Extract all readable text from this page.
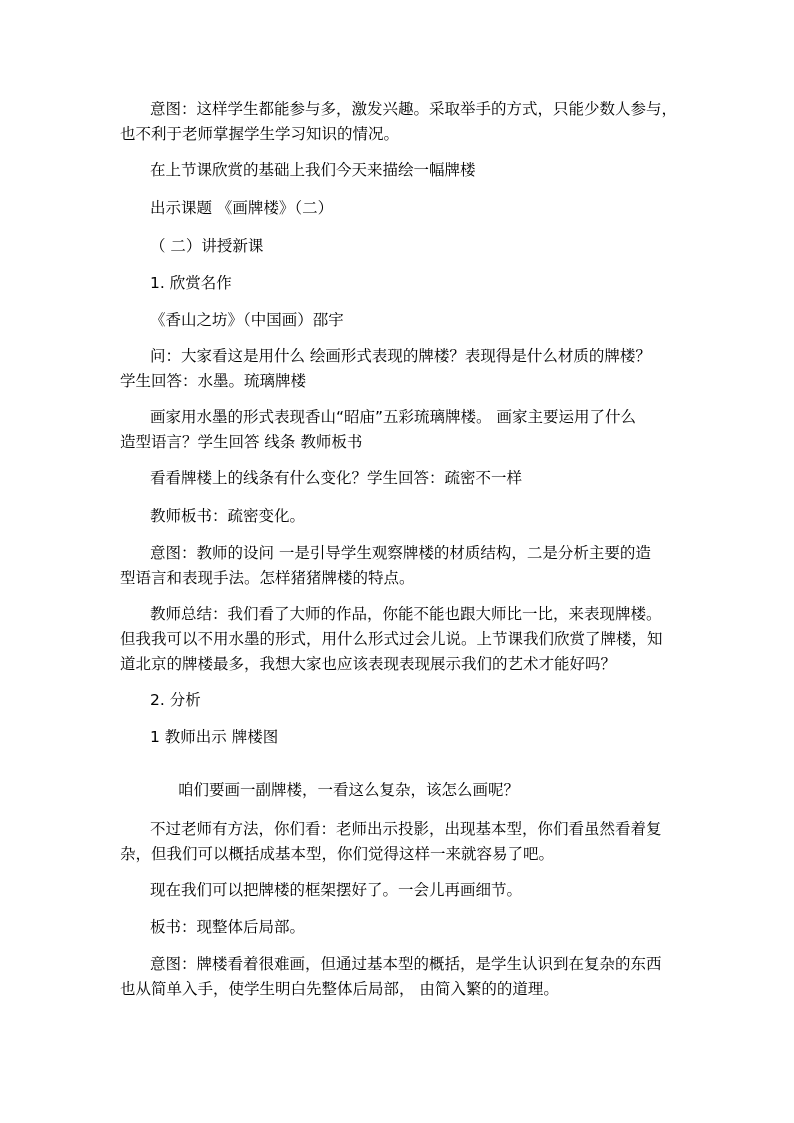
意图：这样学生都能参与多，激发兴趣。采取举手的方式，只能少数人参与，
也不利于老师掌握学生学习知识的情况。
在上节课欣赏的基础上我们今天来描绘一幅牌楼
出示课题 《画牌楼》（二）
（ 二）讲授新课
1. 欣赏名作
《香山之坊》（中国画）邵宇
问：大家看这是用什么 绘画形式表现的牌楼？表现得是什么材质的牌楼？
学生回答：水墨。琉璃牌楼
画家用水墨的形式表现香山“昭庙”五彩琉璃牌楼。 画家主要运用了什么
造型语言？学生回答 线条 教师板书
看看牌楼上的线条有什么变化？学生回答：疏密不一样
教师板书：疏密变化。
意图：教师的设问 一是引导学生观察牌楼的材质结构，二是分析主要的造
型语言和表现手法。怎样猪猪牌楼的特点。
教师总结：我们看了大师的作品，你能不能也跟大师比一比，来表现牌楼。
但我我可以不用水墨的形式，用什么形式过会儿说。上节课我们欣赏了牌楼，知
道北京的牌楼最多，我想大家也应该表现表现展示我们的艺术才能好吗？
2. 分析
1 教师出示 牌楼图
咱们要画一副牌楼，一看这么复杂，该怎么画呢？
不过老师有方法，你们看：老师出示投影，出现基本型，你们看虽然看着复
杂，但我们可以概括成基本型，你们觉得这样一来就容易了吧。
现在我们可以把牌楼的框架摆好了。一会儿再画细节。
板书：现整体后局部。
意图：牌楼看着很难画，但通过基本型的概括，是学生认识到在复杂的东西
也从简单入手，使学生明白先整体后局部， 由简入繁的的道理。
